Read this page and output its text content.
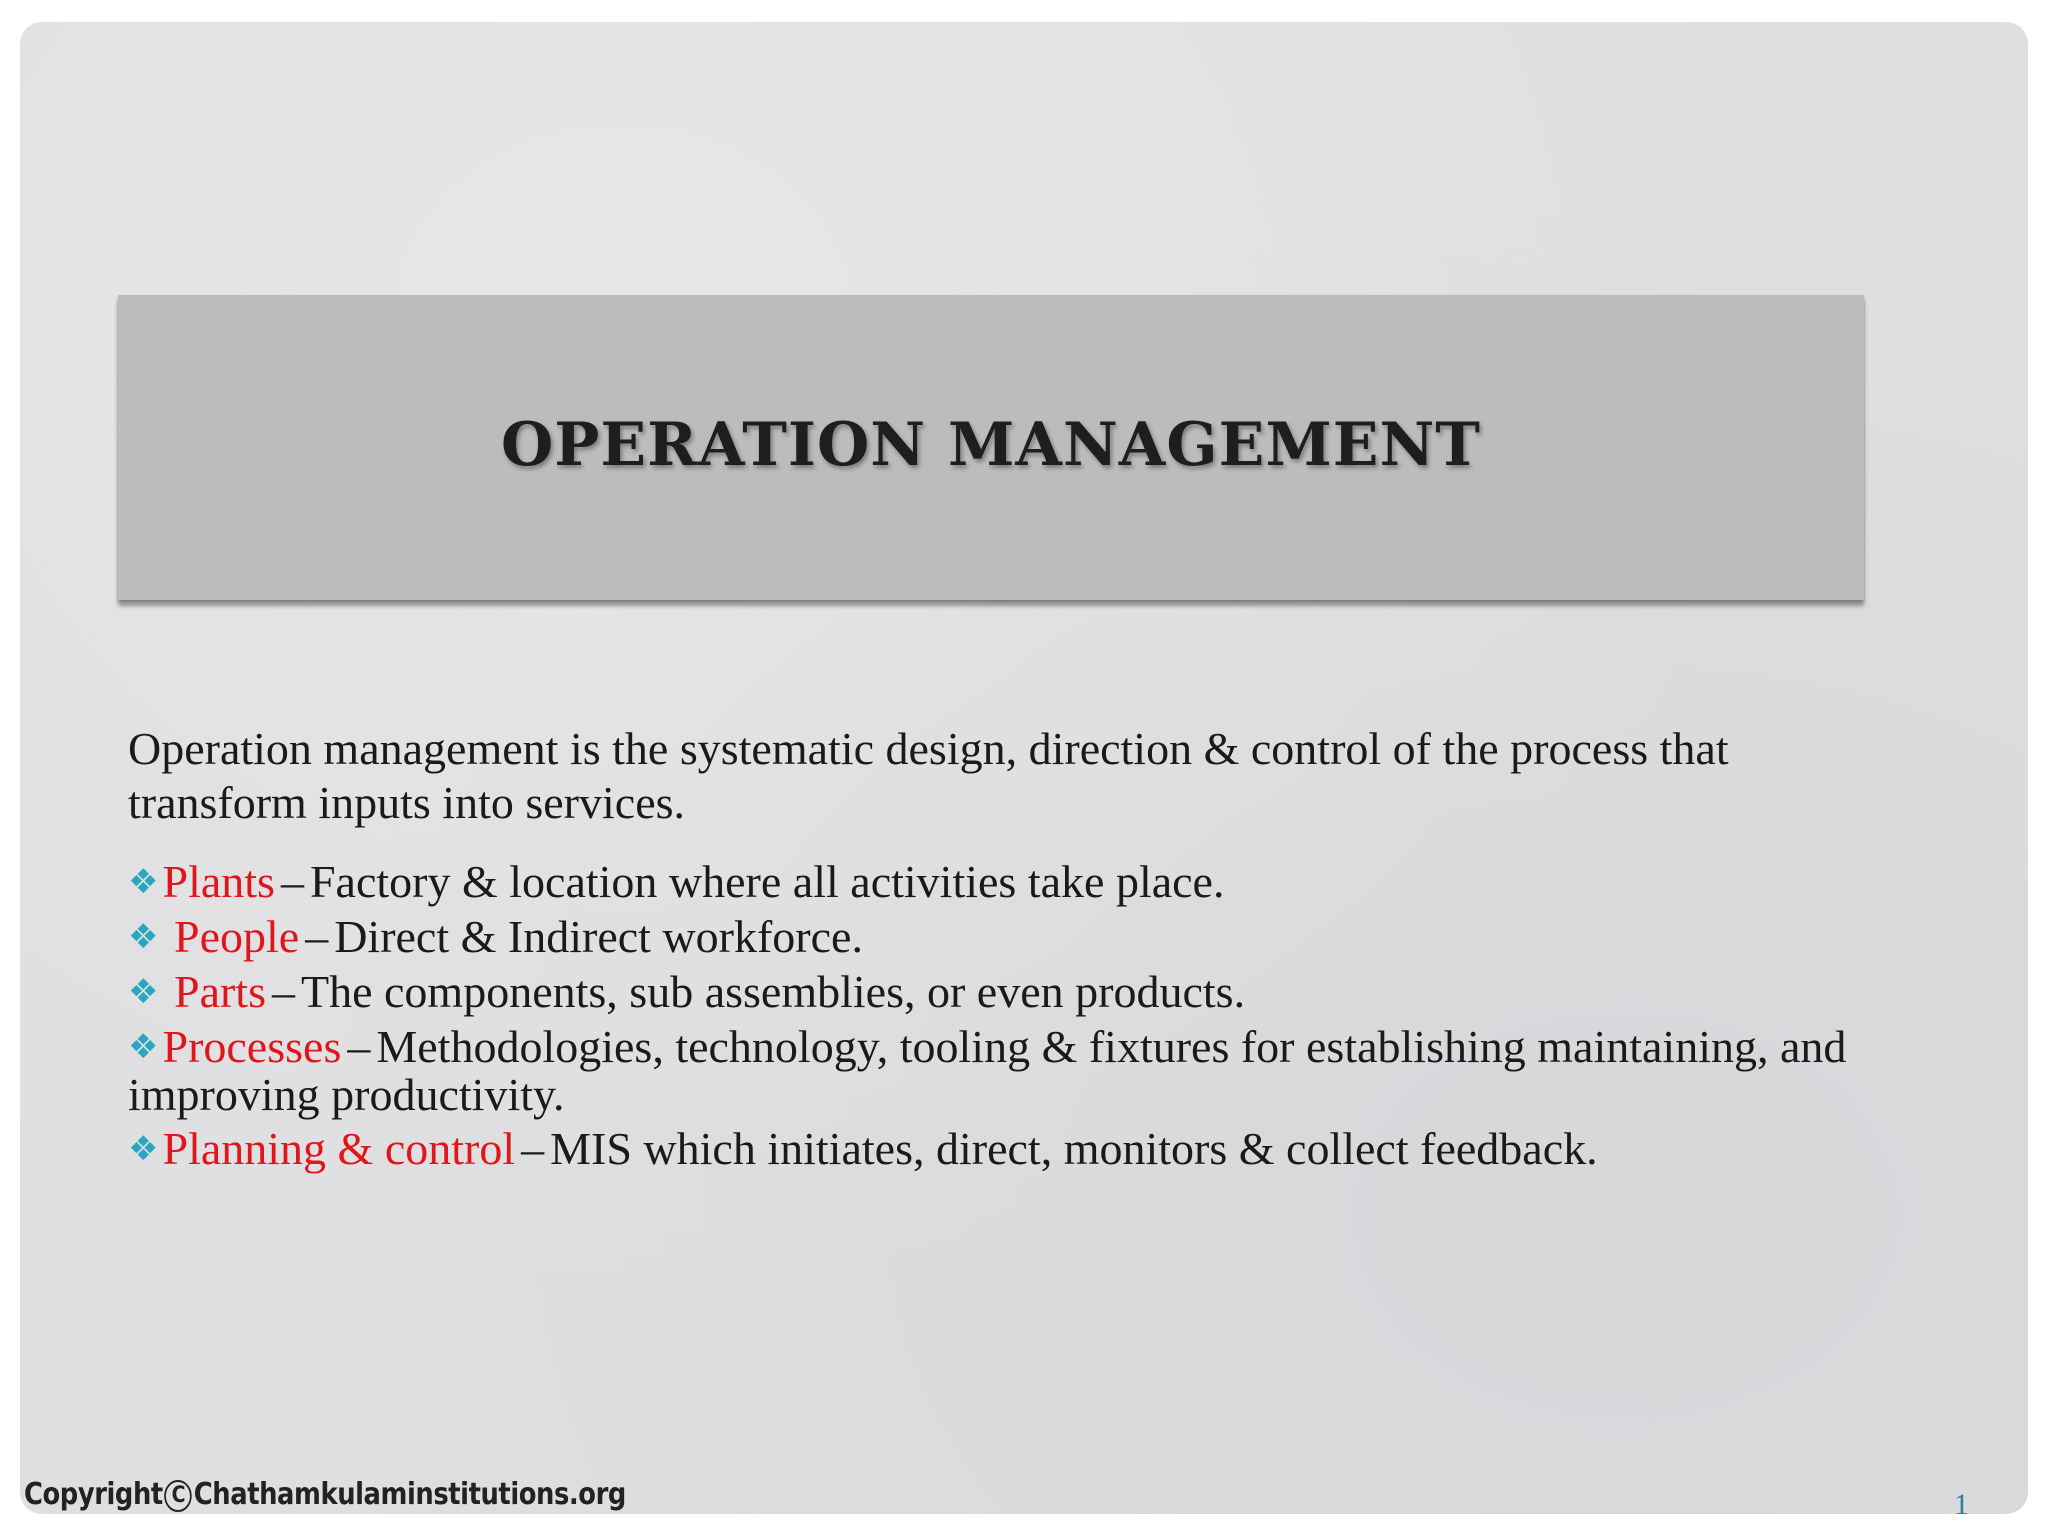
OPERATION MANAGEMENT

Operation management is the systematic design, direction & control of the process that transform inputs into services.

❖Plants – Factory & location where all activities take place.
❖ People – Direct & Indirect workforce.
❖ Parts – The components, sub assemblies, or even products.
❖Processes – Methodologies, technology, tooling & fixtures for establishing maintaining, and improving productivity.
❖Planning & control – MIS which initiates, direct, monitors & collect feedback.
Copyright C Chathamkulaminstitutions.org	1
